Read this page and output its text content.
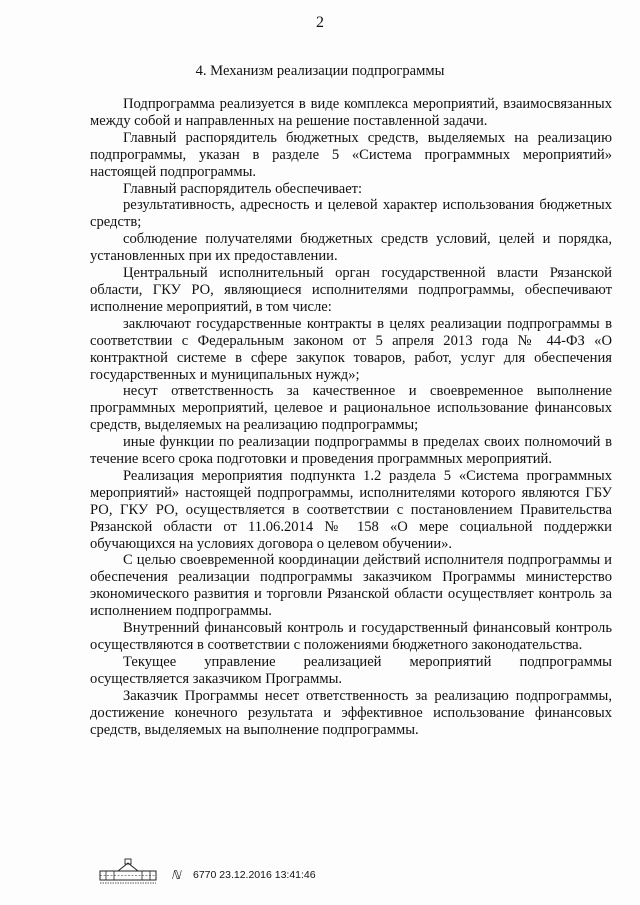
2
4. Механизм реализации подпрограммы

Подпрограмма реализуется в виде комплекса мероприятий, взаимосвязанных между собой и направленных на решение поставленной задачи.

Главный распорядитель бюджетных средств, выделяемых на реализацию подпрограммы, указан в разделе 5 «Система программных мероприятий» настоящей подпрограммы.

Главный распорядитель обеспечивает:

результативность, адресность и целевой характер использования бюджетных средств;

соблюдение получателями бюджетных средств условий, целей и порядка, установленных при их предоставлении.

Центральный исполнительный орган государственной власти Рязанской области, ГКУ РО, являющиеся исполнителями подпрограммы, обеспечивают исполнение мероприятий, в том числе:

заключают государственные контракты в целях реализации подпрограммы в соответствии с Федеральным законом от 5 апреля 2013 года № 44-ФЗ «О контрактной системе в сфере закупок товаров, работ, услуг для обеспечения государственных и муниципальных нужд»;

несут ответственность за качественное и своевременное выполнение программных мероприятий, целевое и рациональное использование финансовых средств, выделяемых на реализацию подпрограммы;

иные функции по реализации подпрограммы в пределах своих полномочий в течение всего срока подготовки и проведения программных мероприятий.

Реализация мероприятия подпункта 1.2 раздела 5 «Система программных мероприятий» настоящей подпрограммы, исполнителями которого являются ГБУ РО, ГКУ РО, осуществляется в соответствии с постановлением Правительства Рязанской области от 11.06.2014 № 158 «О мере социальной поддержки обучающихся на условиях договора о целевом обучении».

С целью своевременной координации действий исполнителя подпрограммы и обеспечения реализации подпрограммы заказчиком Программы министерство экономического развития и торговли Рязанской области осуществляет контроль за исполнением подпрограммы.

Внутренний финансовый контроль и государственный финансовый контроль осуществляются в соответствии с положениями бюджетного законодательства.

Текущее управление реализацией мероприятий подпрограммы осуществляется заказчиком Программы.

Заказчик Программы несет ответственность за реализацию подпрограммы, достижение конечного результата и эффективное использование финансовых средств, выделяемых на выполнение подпрограммы.

ℕ 6770 23.12.2016 13:41:46
